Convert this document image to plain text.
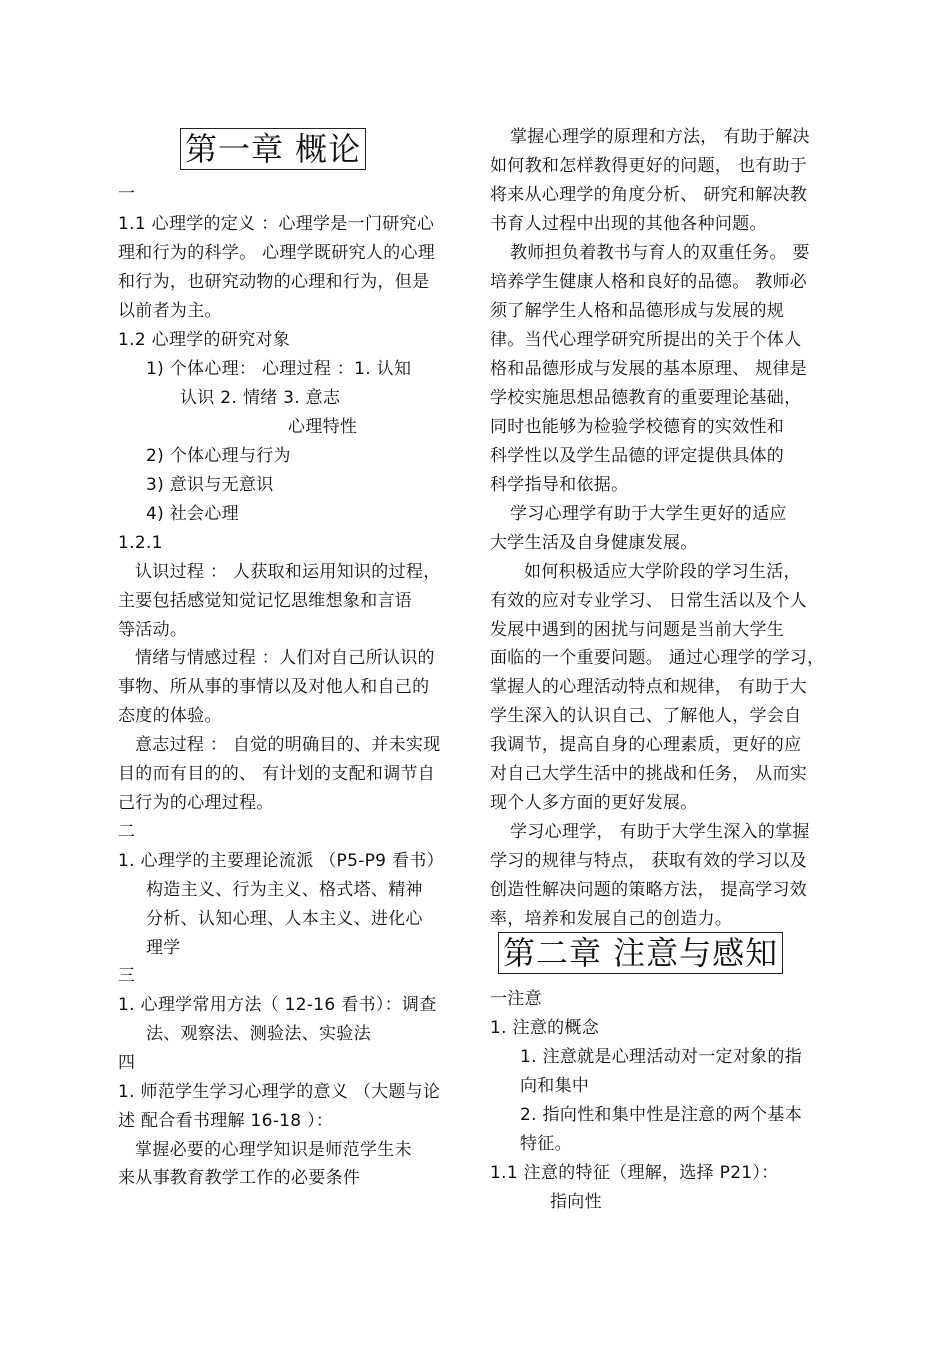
第一章 概论
一
1.1 心理学的定义 ：心理学是一门研究心
理和行为的科学。 心理学既研究人的心理
和行为，也研究动物的心理和行为，但是
以前者为主。
1.2 心理学的研究对象
1) 个体心理： 心理过程 ：1. 认知
认识 2. 情绪 3. 意志
心理特性
2) 个体心理与行为
3) 意识与无意识
4) 社会心理
1.2.1
认识过程 ： 人获取和运用知识的过程，
主要包括感觉知觉记忆思维想象和言语
等活动。
情绪与情感过程 ：人们对自己所认识的
事物、所从事的事情以及对他人和自己的
态度的体验。
意志过程 ： 自觉的明确目的、并未实现
目的而有目的的、 有计划的支配和调节自
己行为的心理过程。
二
1. 心理学的主要理论流派 （P5-P9 看书）
构造主义、行为主义、格式塔、精神
分析、认知心理、人本主义、进化心
理学
三
1. 心理学常用方法（ 12-16 看书）：调查
法、观察法、测验法、实验法
四
1. 师范学生学习心理学的意义 （大题与论
述 配合看书理解 16-18 ）：
掌握必要的心理学知识是师范学生未
来从事教育教学工作的必要条件
掌握心理学的原理和方法， 有助于解决
如何教和怎样教得更好的问题， 也有助于
将来从心理学的角度分析、 研究和解决教
书育人过程中出现的其他各种问题。
教师担负着教书与育人的双重任务。 要
培养学生健康人格和良好的品德。 教师必
须了解学生人格和品德形成与发展的规
律。当代心理学研究所提出的关于个体人
格和品德形成与发展的基本原理、 规律是
学校实施思想品德教育的重要理论基础，
同时也能够为检验学校德育的实效性和
科学性以及学生品德的评定提供具体的
科学指导和依据。
学习心理学有助于大学生更好的适应
大学生活及自身健康发展。
如何积极适应大学阶段的学习生活，
有效的应对专业学习、 日常生活以及个人
发展中遇到的困扰与问题是当前大学生
面临的一个重要问题。 通过心理学的学习，
掌握人的心理活动特点和规律， 有助于大
学生深入的认识自己、了解他人，学会自
我调节，提高自身的心理素质，更好的应
对自己大学生活中的挑战和任务， 从而实
现个人多方面的更好发展。
学习心理学， 有助于大学生深入的掌握
学习的规律与特点， 获取有效的学习以及
创造性解决问题的策略方法， 提高学习效
率，培养和发展自己的创造力。
第二章 注意与感知
一注意
1. 注意的概念
1. 注意就是心理活动对一定对象的指
向和集中
2. 指向性和集中性是注意的两个基本
特征。
1.1 注意的特征（理解，选择 P21）：
指向性
